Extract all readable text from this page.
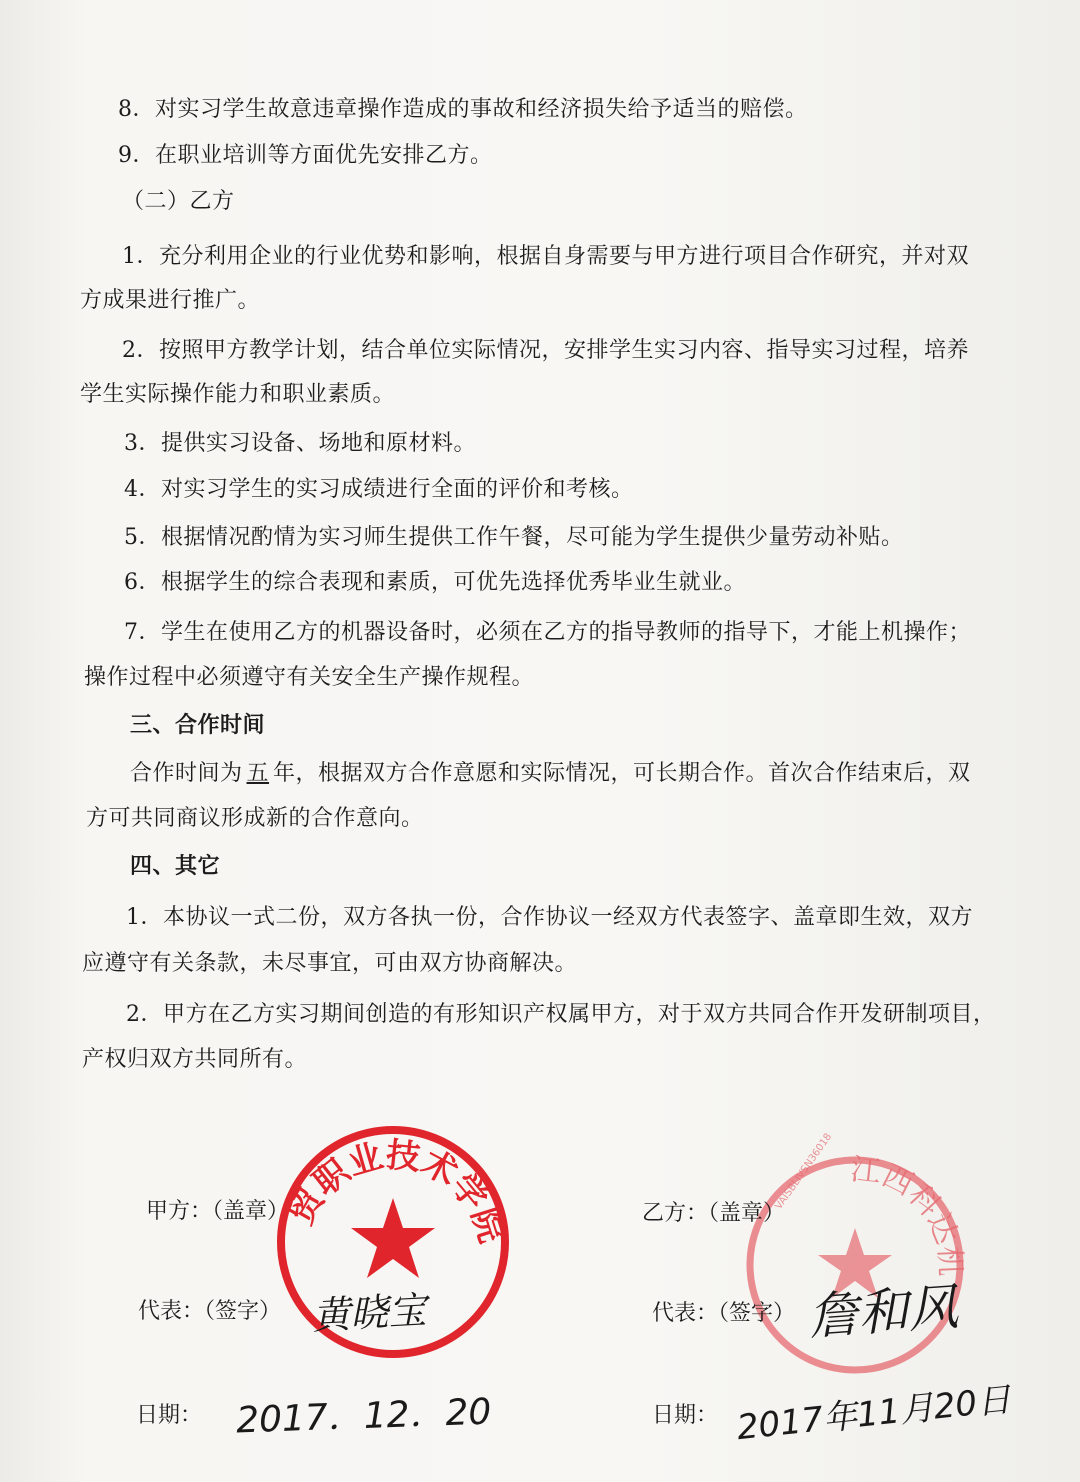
8．对实习学生故意违章操作造成的事故和经济损失给予适当的赔偿。
9．在职业培训等方面优先安排乙方。
（二）乙方
1．充分利用企业的行业优势和影响，根据自身需要与甲方进行项目合作研究，并对双
方成果进行推广。
2．按照甲方教学计划，结合单位实际情况，安排学生实习内容、指导实习过程，培养
学生实际操作能力和职业素质。
3．提供实习设备、场地和原材料。
4．对实习学生的实习成绩进行全面的评价和考核。
5．根据情况酌情为实习师生提供工作午餐，尽可能为学生提供少量劳动补贴。
6．根据学生的综合表现和素质，可优先选择优秀毕业生就业。
7．学生在使用乙方的机器设备时，必须在乙方的指导教师的指导下，才能上机操作；
操作过程中必须遵守有关安全生产操作规程。
三、合作时间
合作时间为 五 年，根据双方合作意愿和实际情况，可长期合作。首次合作结束后，双
方可共同商议形成新的合作意向。
四、其它
1．本协议一式二份，双方各执一份，合作协议一经双方代表签字、盖章即生效，双方
应遵守有关条款，未尽事宜，可由双方协商解决。
2．甲方在乙方实习期间创造的有形知识产权属甲方，对于双方共同合作开发研制项目，
产权归双方共同所有。
江西科达机
VAISBLIVSN36018
贸职业技术学院
甲方：（盖章）	乙方：（盖章）
代表：（签字）	代表：（签字）
日期：	日期：
黄晓宝	詹和风
2017．12．20	2017年11月20日
